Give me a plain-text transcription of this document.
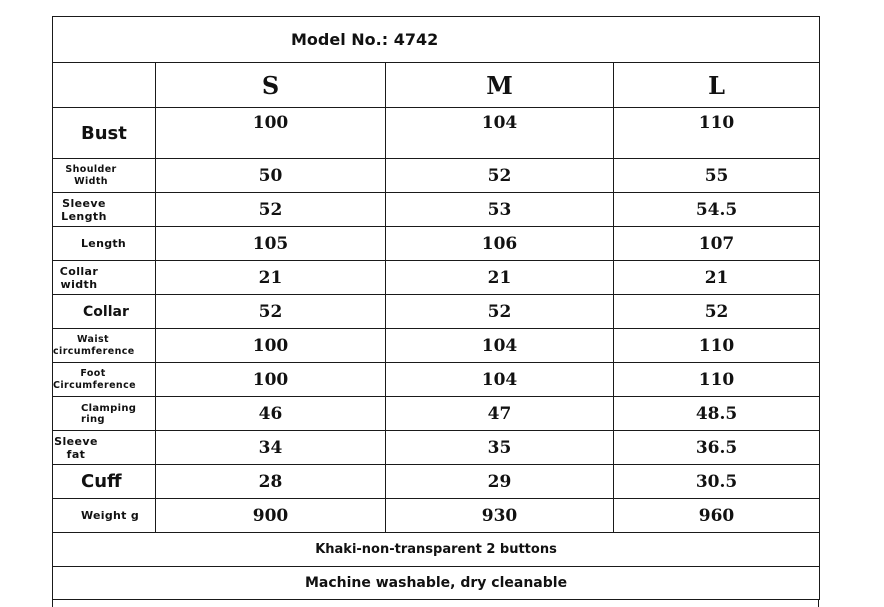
Model No.: 4742			
	S	M	L
Bust	100	104	110

Shoulder Width	50	52	55

Sleeve Length	52	53	54.5
Length	105	106	107

Collar width	21	21	21
Collar	52	52	52

Waist circumference	100	104	110

Foot Circumference	100	104	110
Clamping ring	46	47	48.5

Sleeve fat	34	35	36.5
Cuff	28	29	30.5
Weight g	900	930	960
Khaki-non-transparent 2 buttons			
Machine washable, dry cleanable			
